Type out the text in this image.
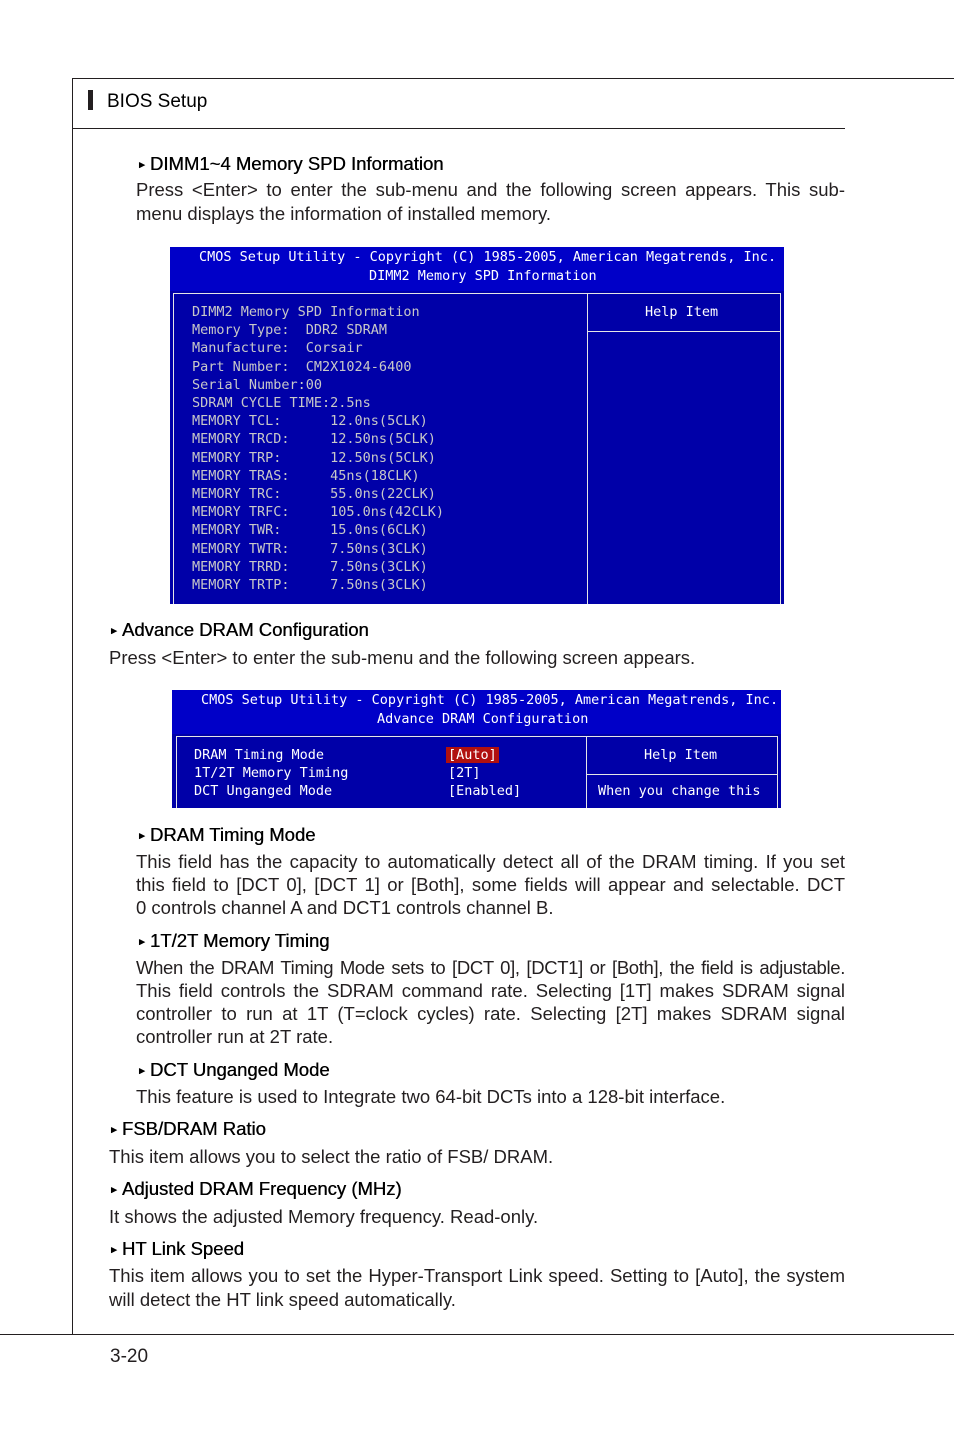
BIOS Setup
► DIMM1~4 Memory SPD Information
Press <Enter> to enter the sub-menu and the following screen appears. This sub-
menu displays the information of installed memory.
CMOS Setup Utility - Copyright (C) 1985-2005, American Megatrends, Inc.
DIMM2 Memory SPD Information
Help Item
DIMM2 Memory SPD Information
Memory Type:  DDR2 SDRAM
Manufacture:  Corsair
Part Number:  CM2X1024-6400
Serial Number:00
SDRAM CYCLE TIME:2.5ns
MEMORY TCL:      12.0ns(5CLK)
MEMORY TRCD:     12.50ns(5CLK)
MEMORY TRP:      12.50ns(5CLK)
MEMORY TRAS:     45ns(18CLK)
MEMORY TRC:      55.0ns(22CLK)
MEMORY TRFC:     105.0ns(42CLK)
MEMORY TWR:      15.0ns(6CLK)
MEMORY TWTR:     7.50ns(3CLK)
MEMORY TRRD:     7.50ns(3CLK)
MEMORY TRTP:     7.50ns(3CLK)
► Advance DRAM Configuration
Press <Enter> to enter the sub-menu and the following screen appears.
CMOS Setup Utility - Copyright (C) 1985-2005, American Megatrends, Inc.
Advance DRAM Configuration
Help Item
When you change this
DRAM Timing Mode	[Auto]
1T/2T Memory Timing	[2T]
DCT Unganged Mode	[Enabled]
► DRAM Timing Mode
This field has the capacity to automatically detect all of the DRAM timing. If you set
this field to [DCT 0], [DCT 1] or [Both], some fields will appear and selectable. DCT
0 controls channel A and DCT1 controls channel B.
► 1T/2T Memory Timing
When the DRAM Timing Mode sets to [DCT 0], [DCT1] or [Both], the field is adjustable.
This field controls the SDRAM command rate. Selecting [1T] makes SDRAM signal
controller to run at 1T (T=clock cycles) rate. Selecting [2T] makes SDRAM signal
controller run at 2T rate.
► DCT Unganged Mode
This feature is used to Integrate two 64-bit DCTs into a 128-bit interface.
► FSB/DRAM Ratio
This item allows you to select the ratio of FSB/ DRAM.
► Adjusted DRAM Frequency (MHz)
It shows the adjusted Memory frequency. Read-only.
► HT Link Speed
This item allows you to set the Hyper-Transport Link speed. Setting to [Auto], the system
will detect the HT link speed automatically.
3-20
